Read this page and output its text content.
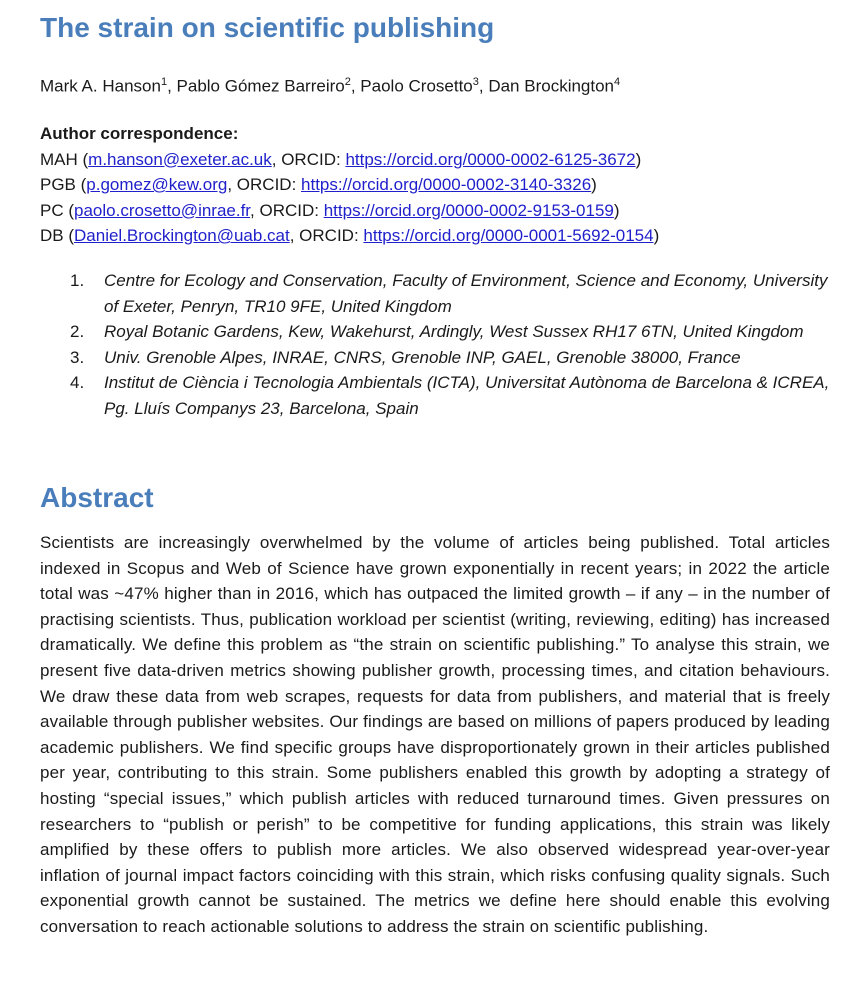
The strain on scientific publishing
Mark A. Hanson$^1$, Pablo Gómez Barreiro$^2$, Paolo Crosetto$^3$, Dan Brockington$^4$
Author correspondence:
MAH (m.hanson@exeter.ac.uk, ORCID: https://orcid.org/0000-0002-6125-3672)
PGB (p.gomez@kew.org, ORCID: https://orcid.org/0000-0002-3140-3326)
PC (paolo.crosetto@inrae.fr, ORCID: https://orcid.org/0000-0002-9153-0159)
DB (Daniel.Brockington@uab.cat, ORCID: https://orcid.org/0000-0001-5692-0154)
1. Centre for Ecology and Conservation, Faculty of Environment, Science and Economy, University of Exeter, Penryn, TR10 9FE, United Kingdom
2. Royal Botanic Gardens, Kew, Wakehurst, Ardingly, West Sussex RH17 6TN, United Kingdom
3. Univ. Grenoble Alpes, INRAE, CNRS, Grenoble INP, GAEL, Grenoble 38000, France
4. Institut de Ciència i Tecnologia Ambientals (ICTA), Universitat Autònoma de Barcelona & ICREA, Pg. Lluís Companys 23, Barcelona, Spain
Abstract

Scientists are increasingly overwhelmed by the volume of articles being published. Total articles indexed in Scopus and Web of Science have grown exponentially in recent years; in 2022 the article total was ~47% higher than in 2016, which has outpaced the limited growth – if any – in the number of practising scientists. Thus, publication workload per scientist (writing, reviewing, editing) has increased dramatically. We define this problem as “the strain on scientific publishing.” To analyse this strain, we present five data-driven metrics showing publisher growth, processing times, and citation behaviours. We draw these data from web scrapes, requests for data from publishers, and material that is freely available through publisher websites. Our findings are based on millions of papers produced by leading academic publishers. We find specific groups have disproportionately grown in their articles published per year, contributing to this strain. Some publishers enabled this growth by adopting a strategy of hosting “special issues,” which publish articles with reduced turnaround times. Given pressures on researchers to “publish or perish” to be competitive for funding applications, this strain was likely amplified by these offers to publish more articles. We also observed widespread year-over-year inflation of journal impact factors coinciding with this strain, which risks confusing quality signals. Such exponential growth cannot be sustained. The metrics we define here should enable this evolving conversation to reach actionable solutions to address the strain on scientific publishing.
